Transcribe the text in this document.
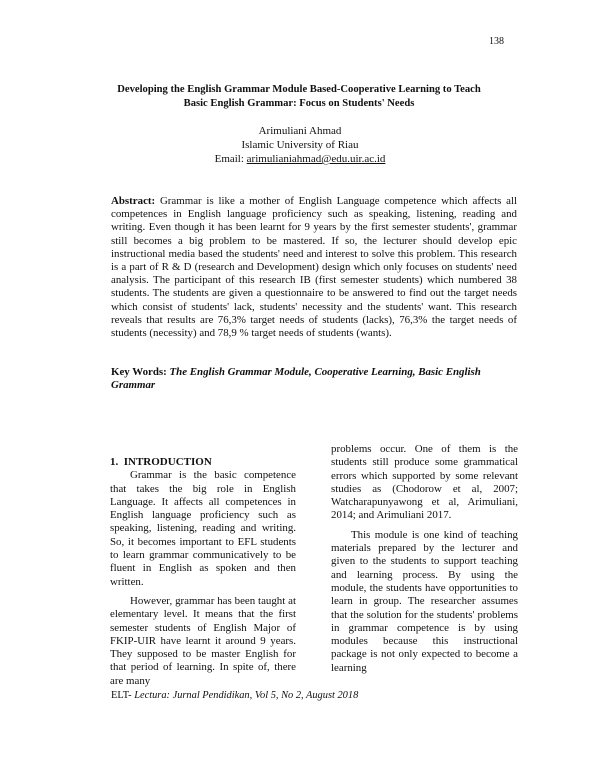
138
Developing the English Grammar Module Based-Cooperative Learning to Teach
Basic English Grammar: Focus on Students' Needs
Arimuliani Ahmad
Islamic University of Riau
Email: arimulianiahmad@edu.uir.ac.id

Abstract: Grammar is like a mother of English Language competence which affects all competences in English language proficiency such as speaking, listening, reading and writing. Even though it has been learnt for 9 years by the first semester students', grammar still becomes a big problem to be mastered. If so, the lecturer should develop epic instructional media based the students' need and interest to solve this problem. This research is a part of R & D (research and Development) design which only focuses on students' need analysis. The participant of this research IB (first semester students) which numbered 38 students. The students are given a questionnaire to be answered to find out the target needs which consist of students' lack, students' necessity and the students' want. This research reveals that results are 76,3% target needs of students (lacks), 76,3% the target needs of students (necessity) and 78,9 % target needs of students (wants).

Key Words: The English Grammar Module, Cooperative Learning, Basic English Grammar

1. INTRODUCTION

Grammar is the basic competence that takes the big role in English Language. It affects all competences in English language proficiency such as speaking, listening, reading and writing. So, it becomes important to EFL students to learn grammar communicatively to be fluent in English as spoken and then written.

However, grammar has been taught at elementary level. It means that the first semester students of English Major of FKIP-UIR have learnt it around 9 years. They supposed to be master English for that period of learning. In spite of, there are many

problems occur. One of them is the students still produce some grammatical errors which supported by some relevant studies as (Chodorow et al, 2007; Watcharapunyawong et al, Arimuliani, 2014; and Arimuliani 2017.

This module is one kind of teaching materials prepared by the lecturer and given to the students to support teaching and learning process. By using the module, the students have opportunities to learn in group. The researcher assumes that the solution for the students' problems in grammar competence is by using modules because this instructional package is not only expected to become a learning

ELT- Lectura: Jurnal Pendidikan, Vol 5, No 2, August 2018
